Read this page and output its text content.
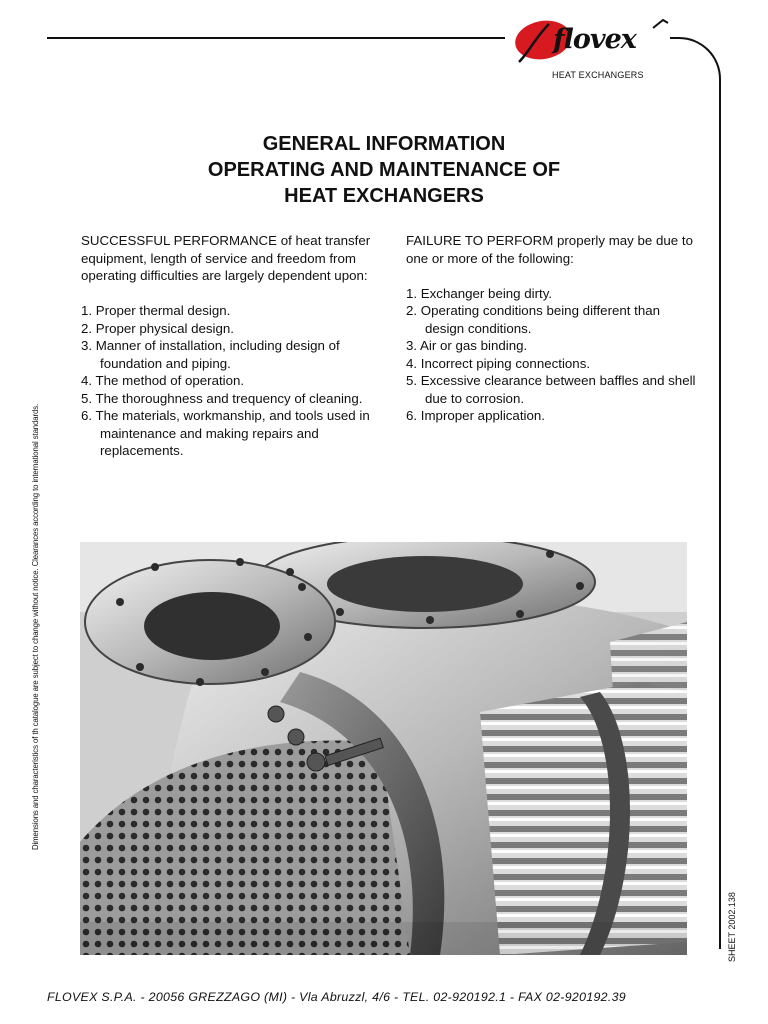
flovex
HEAT EXCHANGERS
GENERAL INFORMATION
OPERATING AND MAINTENANCE OF
HEAT EXCHANGERS

SUCCESSFUL PERFORMANCE of heat transfer equipment, length of service and freedom from operating difficulties are largely dependent upon:

1. Proper thermal design.
2. Proper physical design.
3. Manner of installation, including design of foundation and piping.
4. The method of operation.
5. The thoroughness and trequency of cleaning.
6. The materials, workmanship, and tools used in maintenance and making repairs and replacements.

FAILURE TO PERFORM properly may be due to one or more of the following:

1. Exchanger being dirty.
2. Operating conditions being different than design conditions.
3. Air or gas binding.
4. Incorrect piping connections.
5. Excessive clearance between baffles and shell due to corrosion.
6. Improper application.
Dimensions and characteristics of th catalogue are subject to change without notice. Clearances according to international standards.
SHEET 2002.138
FLOVEX S.P.A. - 20056 GREZZAGO (MI) - Vla Abruzzl, 4/6 - TEL. 02-920192.1 - FAX 02-920192.39
